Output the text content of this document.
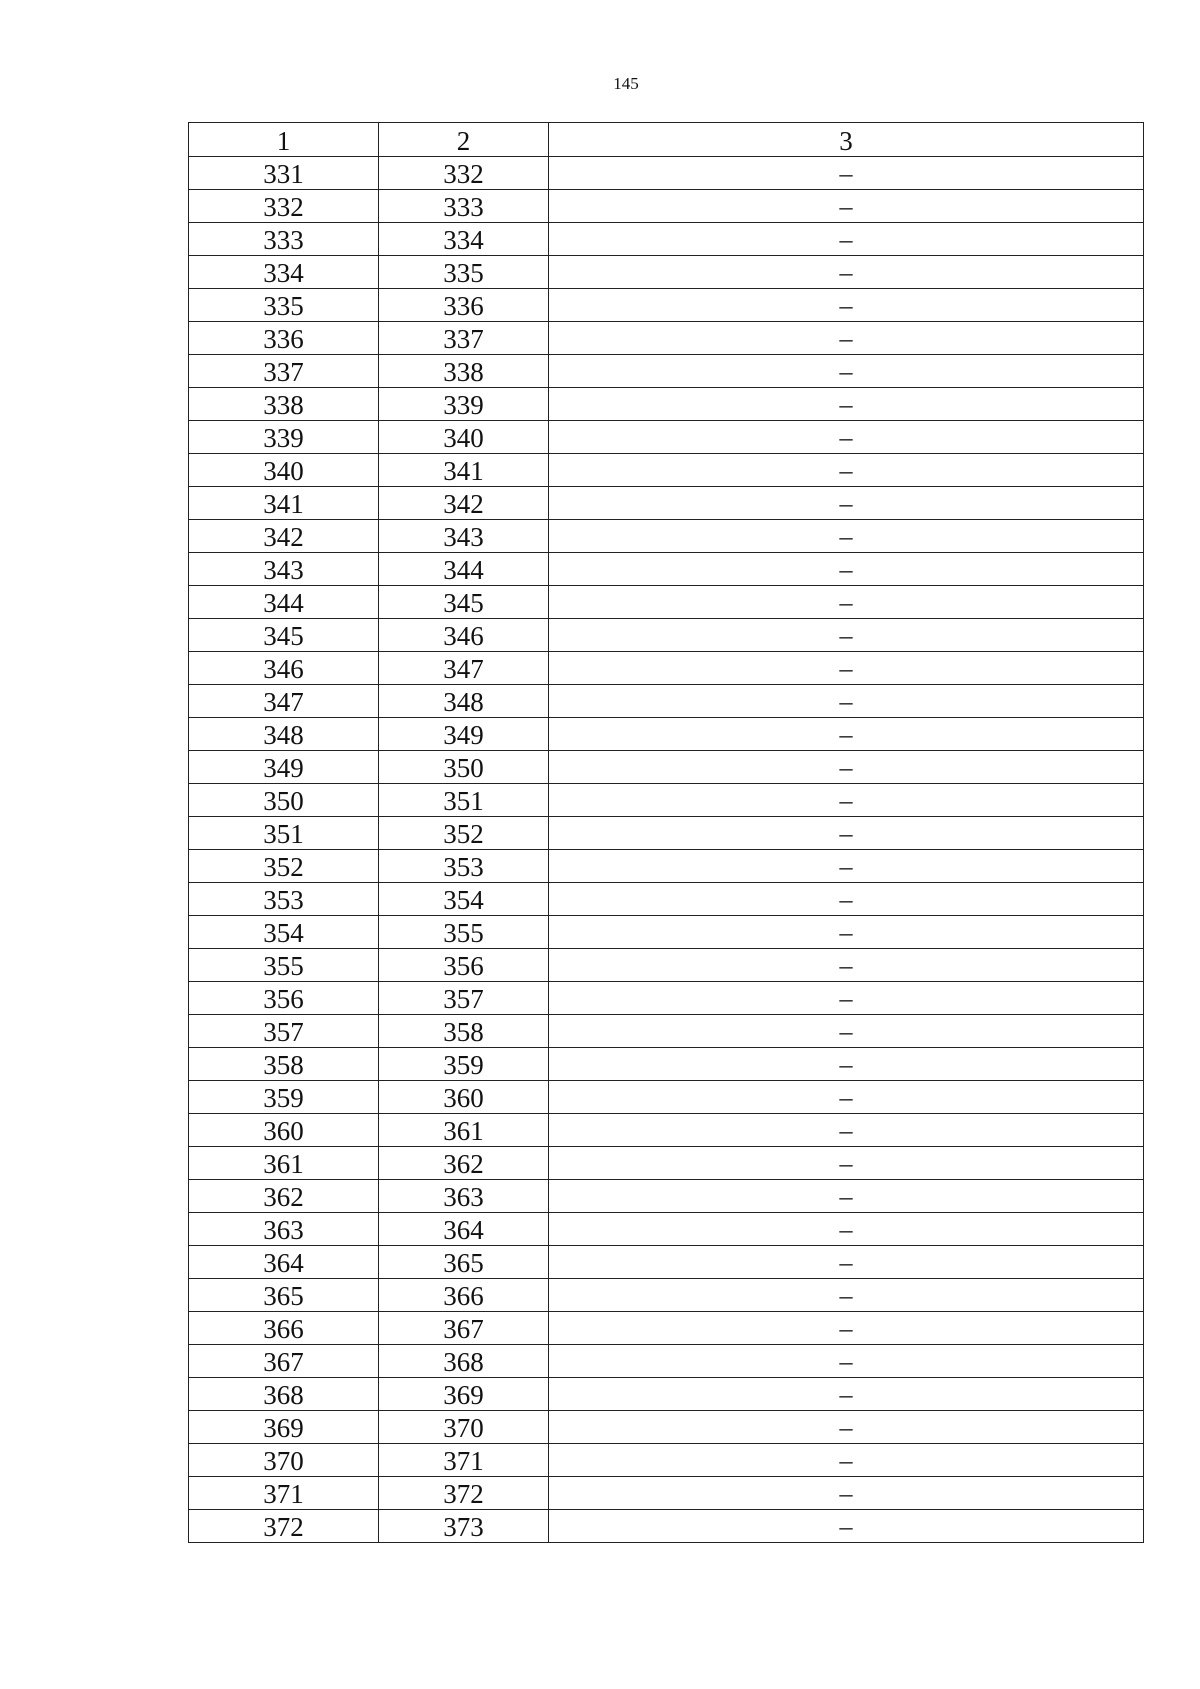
145
1	2	3
331	332	–
332	333	–
333	334	–
334	335	–
335	336	–
336	337	–
337	338	–
338	339	–
339	340	–
340	341	–
341	342	–
342	343	–
343	344	–
344	345	–
345	346	–
346	347	–
347	348	–
348	349	–
349	350	–
350	351	–
351	352	–
352	353	–
353	354	–
354	355	–
355	356	–
356	357	–
357	358	–
358	359	–
359	360	–
360	361	–
361	362	–
362	363	–
363	364	–
364	365	–
365	366	–
366	367	–
367	368	–
368	369	–
369	370	–
370	371	–
371	372	–
372	373	–
